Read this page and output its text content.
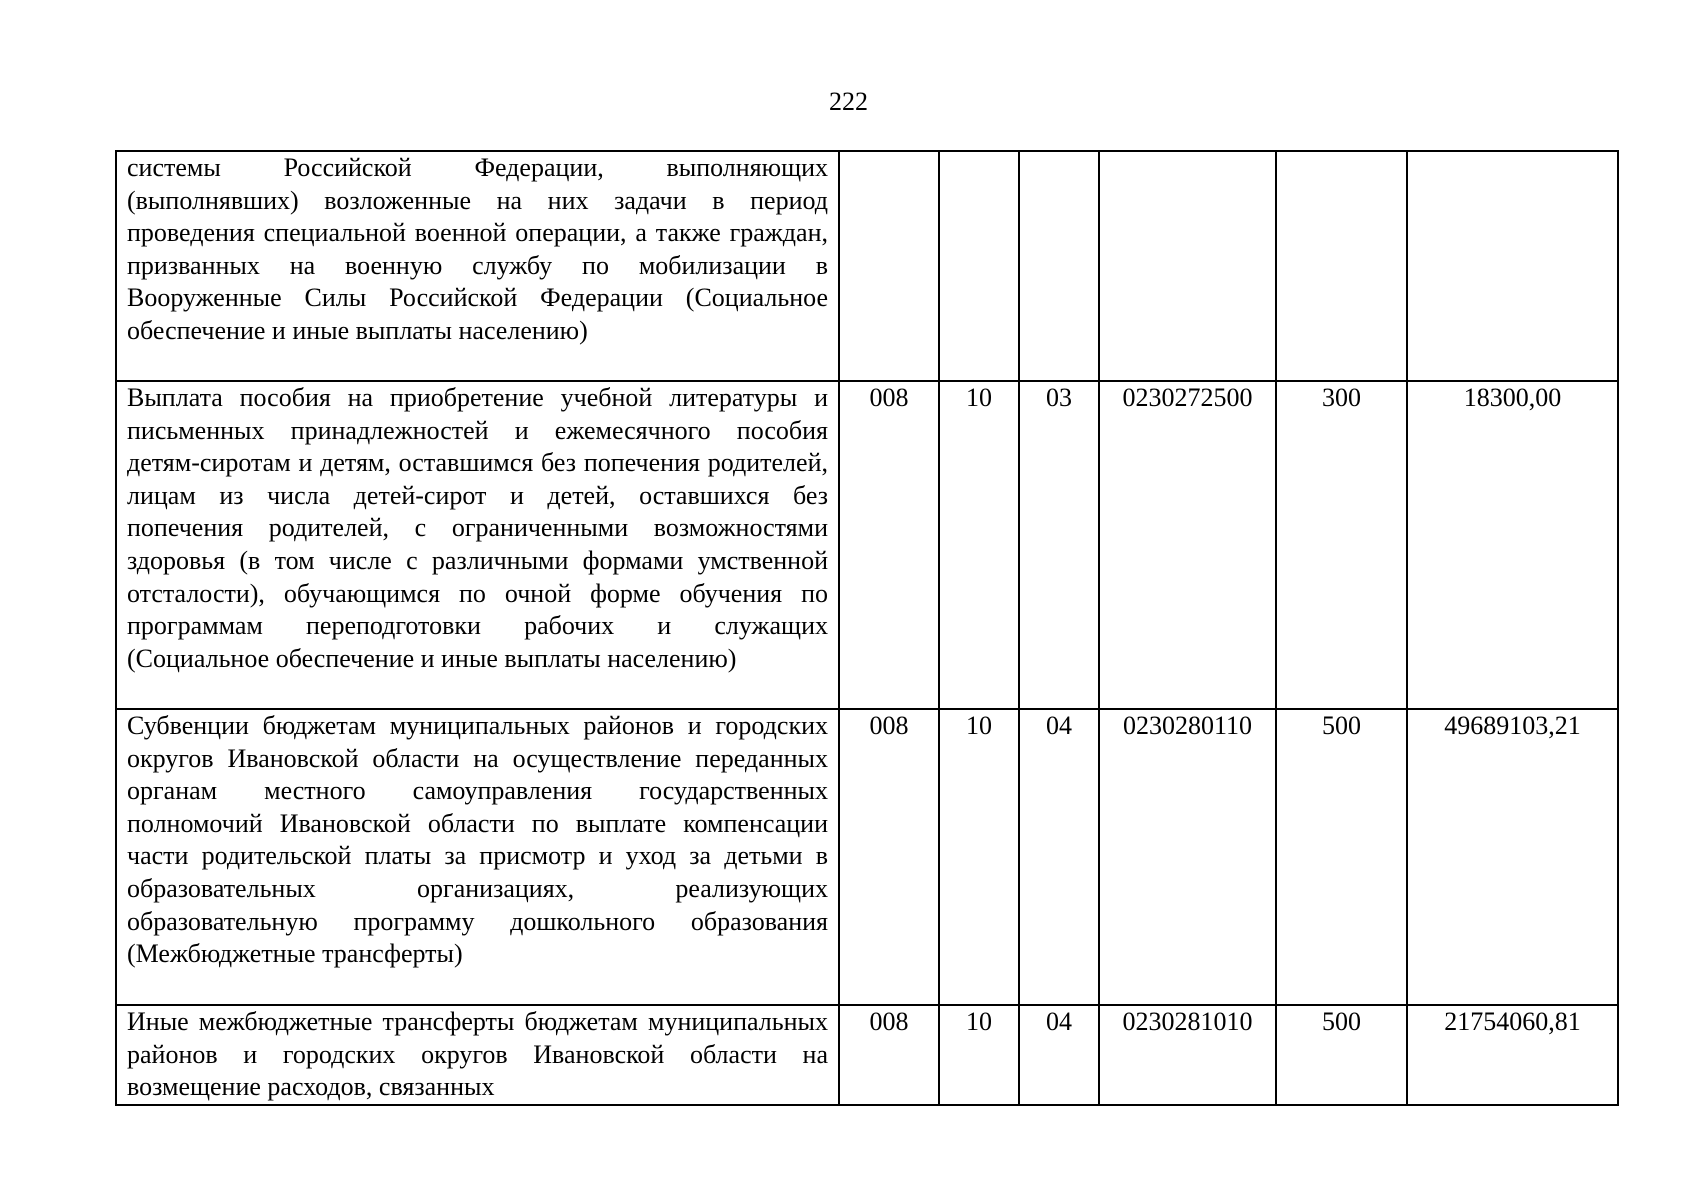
222
системы Российской Федерации, выполняющих (выполнявших) возложенные на них задачи в период проведения специальной военной операции, а также граждан, призванных на военную службу по мобилизации в Вооруженные Силы Российской Федерации (Социальное обеспечение и иные выплаты населению)						
Выплата пособия на приобретение учебной литературы и письменных принадлежностей и ежемесячного пособия детям-сиротам и детям, оставшимся без попечения родителей, лицам из числа детей-сирот и детей, оставшихся без попечения родителей, с ограниченными возможностями здоровья (в том числе с различными формами умственной отсталости), обучающимся по очной форме обучения по программам переподготовки рабочих и служащих (Социальное обеспечение и иные выплаты населению)	008	10	03	0230272500	300	18300,00
Субвенции бюджетам муниципальных районов и городских округов Ивановской области на осуществление переданных органам местного самоуправления государственных полномочий Ивановской области по выплате компенсации части родительской платы за присмотр и уход за детьми в образовательных организациях, реализующих образовательную программу дошкольного образования (Межбюджетные трансферты)	008	10	04	0230280110	500	49689103,21
Иные межбюджетные трансферты бюджетам муниципальных районов и городских округов Ивановской области на возмещение расходов, связанных	008	10	04	0230281010	500	21754060,81
